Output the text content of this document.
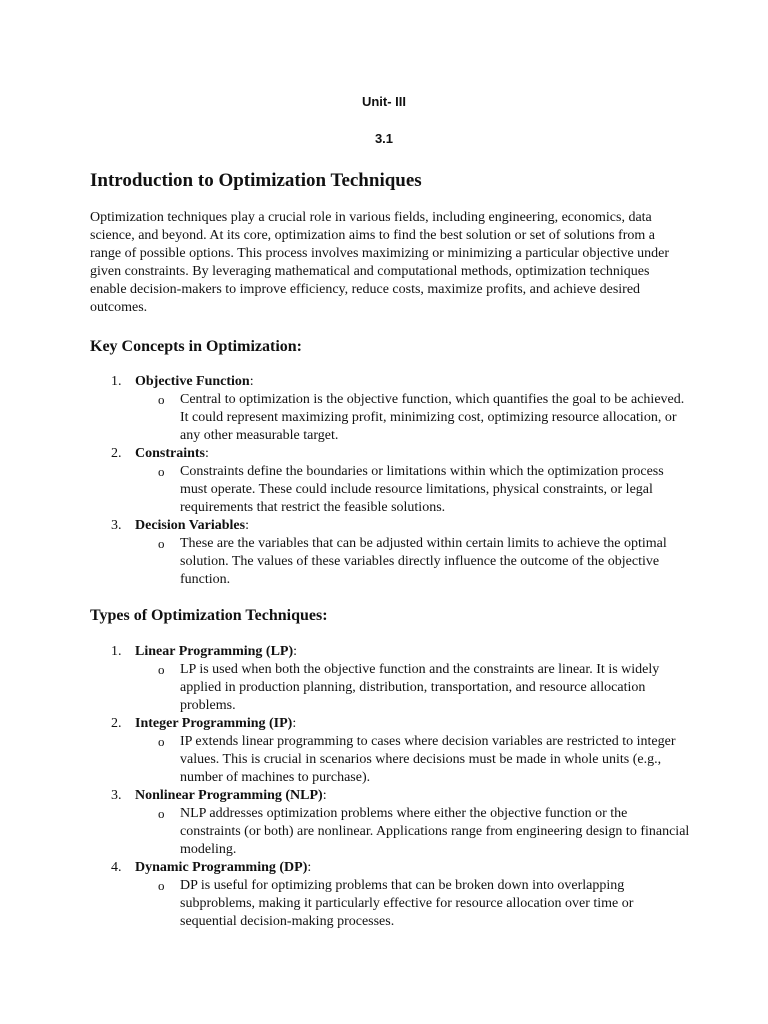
Unit- III
3.1
Introduction to Optimization Techniques

Optimization techniques play a crucial role in various fields, including engineering, economics, data science, and beyond. At its core, optimization aims to find the best solution or set of solutions from a range of possible options. This process involves maximizing or minimizing a particular objective under given constraints. By leveraging mathematical and computational methods, optimization techniques enable decision-makers to improve efficiency, reduce costs, maximize profits, and achieve desired outcomes.

Key Concepts in Optimization:
1. Objective Function:
o Central to optimization is the objective function, which quantifies the goal to be achieved. It could represent maximizing profit, minimizing cost, optimizing resource allocation, or any other measurable target.
2. Constraints:
o Constraints define the boundaries or limitations within which the optimization process must operate. These could include resource limitations, physical constraints, or legal requirements that restrict the feasible solutions.
3. Decision Variables:
o These are the variables that can be adjusted within certain limits to achieve the optimal solution. The values of these variables directly influence the outcome of the objective function.
Types of Optimization Techniques:
1. Linear Programming (LP):
o LP is used when both the objective function and the constraints are linear. It is widely applied in production planning, distribution, transportation, and resource allocation problems.
2. Integer Programming (IP):
o IP extends linear programming to cases where decision variables are restricted to integer values. This is crucial in scenarios where decisions must be made in whole units (e.g., number of machines to purchase).
3. Nonlinear Programming (NLP):
o NLP addresses optimization problems where either the objective function or the constraints (or both) are nonlinear. Applications range from engineering design to financial modeling.
4. Dynamic Programming (DP):
o DP is useful for optimizing problems that can be broken down into overlapping subproblems, making it particularly effective for resource allocation over time or sequential decision-making processes.
